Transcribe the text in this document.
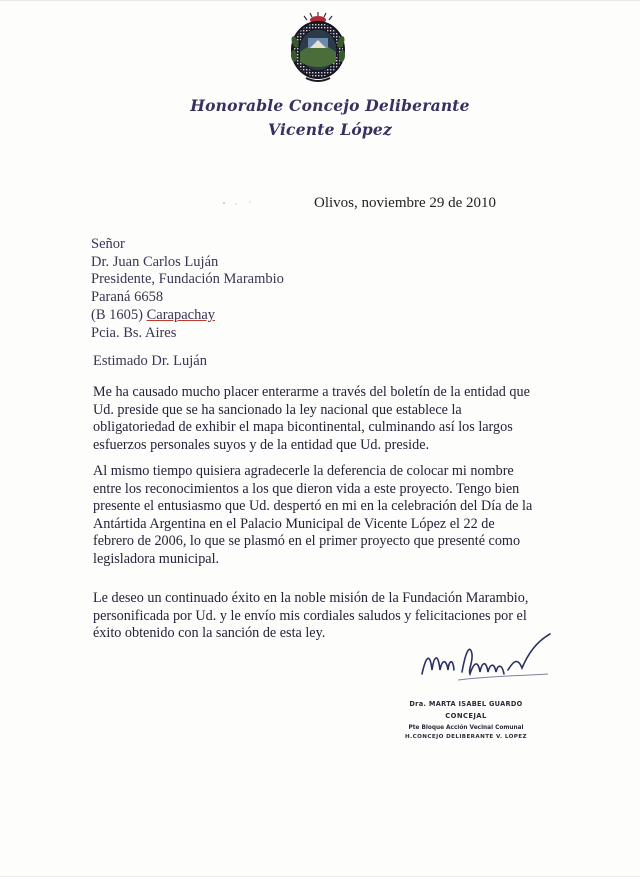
Honorable Concejo Deliberante
Vicente López
Olivos, noviembre 29 de 2010
Señor
Dr. Juan Carlos Luján
Presidente, Fundación Marambio
Paraná 6658
(B 1605) Carapachay
Pcia. Bs. Aires
Estimado Dr. Luján
Me ha causado mucho placer enterarme a través del boletín de la entidad que
Ud. preside que se ha sancionado la ley nacional que establece la
obligatoriedad de exhibir el mapa bicontinental, culminando así los largos
esfuerzos personales suyos y de la entidad que Ud. preside.
Al mismo tiempo quisiera agradecerle la deferencia de colocar mi nombre
entre los reconocimientos a los que dieron vida a este proyecto. Tengo bien
presente el entusiasmo que Ud. despertó en mi en la celebración del Día de la
Antártida Argentina en el Palacio Municipal de Vicente López el 22 de
febrero de 2006, lo que se plasmó en el primer proyecto que presenté como
legisladora municipal.
Le deseo un continuado éxito en la noble misión de la Fundación Marambio,
personificada por Ud. y le envío mis cordiales saludos y felicitaciones por el
éxito obtenido con la sanción de esta ley.
Dra. MARTA ISABEL GUARDO
CONCEJAL
Pte Bloque Acción Vecinal Comunal
H.CONCEJO DELIBERANTE V. LOPEZ
